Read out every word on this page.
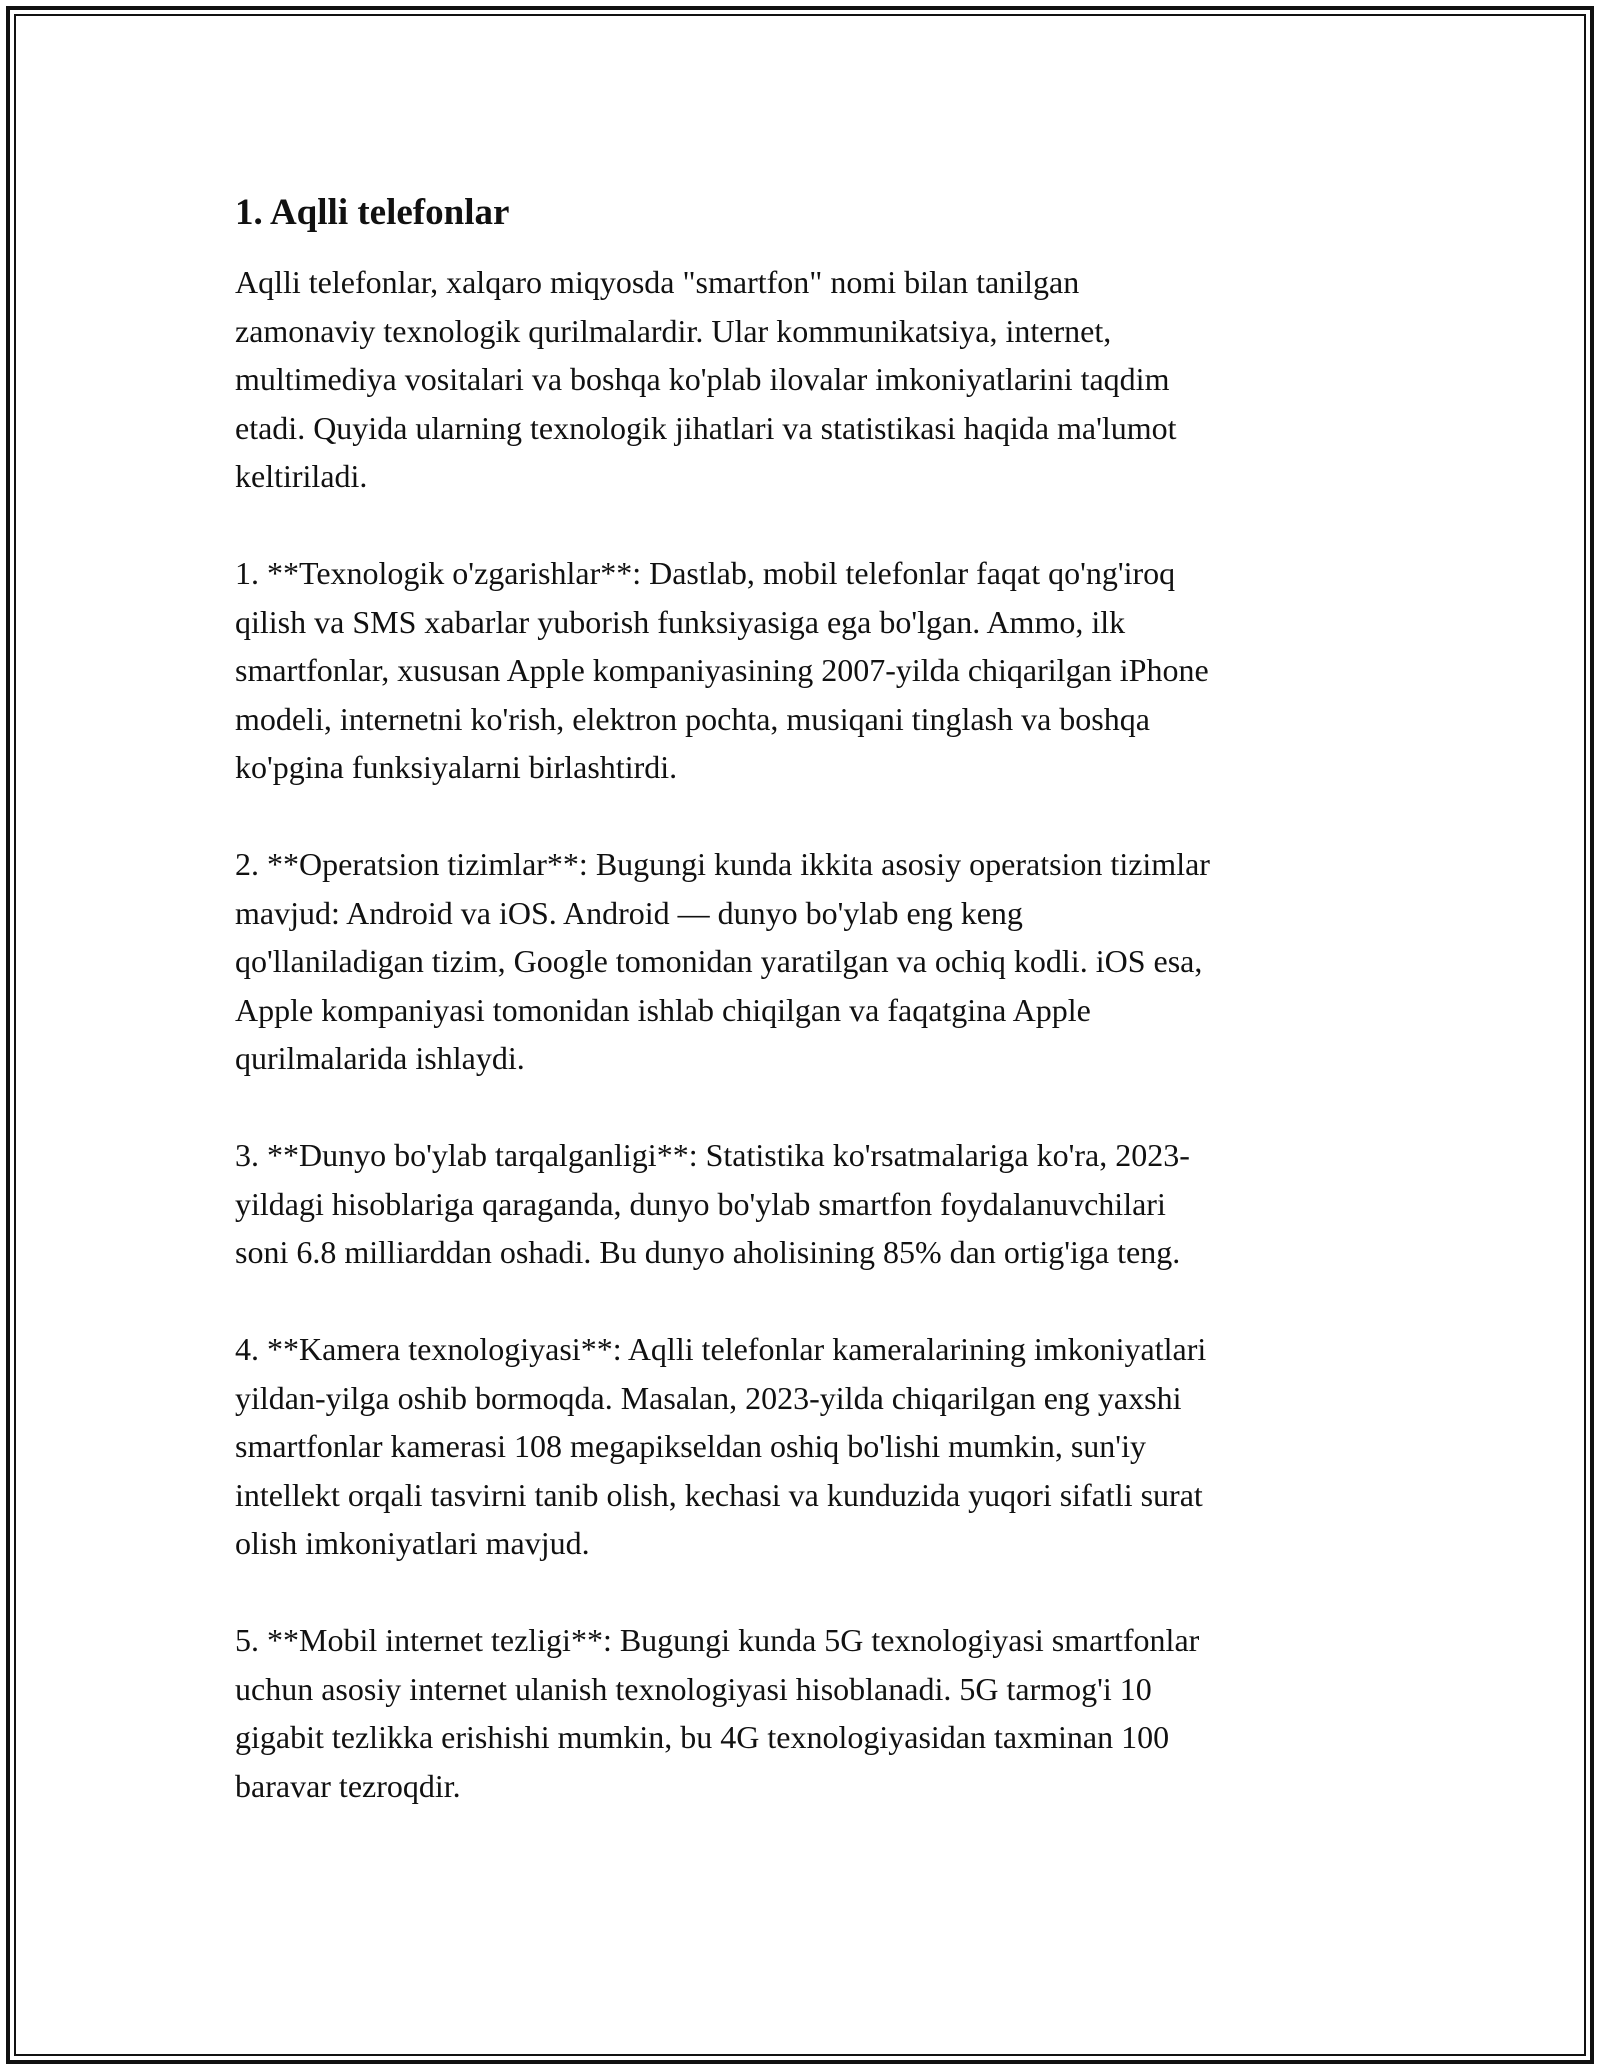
1. Aqlli telefonlar

Aqlli telefonlar, xalqaro miqyosda "smartfon" nomi bilan tanilgan
zamonaviy texnologik qurilmalardir. Ular kommunikatsiya, internet,
multimediya vositalari va boshqa ko'plab ilovalar imkoniyatlarini taqdim
etadi. Quyida ularning texnologik jihatlari va statistikasi haqida ma'lumot
keltiriladi.

1. **Texnologik o'zgarishlar**: Dastlab, mobil telefonlar faqat qo'ng'iroq
qilish va SMS xabarlar yuborish funksiyasiga ega bo'lgan. Ammo, ilk
smartfonlar, xususan Apple kompaniyasining 2007-yilda chiqarilgan iPhone
modeli, internetni ko'rish, elektron pochta, musiqani tinglash va boshqa
ko'pgina funksiyalarni birlashtirdi.

2. **Operatsion tizimlar**: Bugungi kunda ikkita asosiy operatsion tizimlar
mavjud: Android va iOS. Android — dunyo bo'ylab eng keng
qo'llaniladigan tizim, Google tomonidan yaratilgan va ochiq kodli. iOS esa,
Apple kompaniyasi tomonidan ishlab chiqilgan va faqatgina Apple
qurilmalarida ishlaydi.

3. **Dunyo bo'ylab tarqalganligi**: Statistika ko'rsatmalariga ko'ra, 2023-
yildagi hisoblariga qaraganda, dunyo bo'ylab smartfon foydalanuvchilari
soni 6.8 milliarddan oshadi. Bu dunyo aholisining 85% dan ortig'iga teng.

4. **Kamera texnologiyasi**: Aqlli telefonlar kameralarining imkoniyatlari
yildan-yilga oshib bormoqda. Masalan, 2023-yilda chiqarilgan eng yaxshi
smartfonlar kamerasi 108 megapikseldan oshiq bo'lishi mumkin, sun'iy
intellekt orqali tasvirni tanib olish, kechasi va kunduzida yuqori sifatli surat
olish imkoniyatlari mavjud.

5. **Mobil internet tezligi**: Bugungi kunda 5G texnologiyasi smartfonlar
uchun asosiy internet ulanish texnologiyasi hisoblanadi. 5G tarmog'i 10
gigabit tezlikka erishishi mumkin, bu 4G texnologiyasidan taxminan 100
baravar tezroqdir.
